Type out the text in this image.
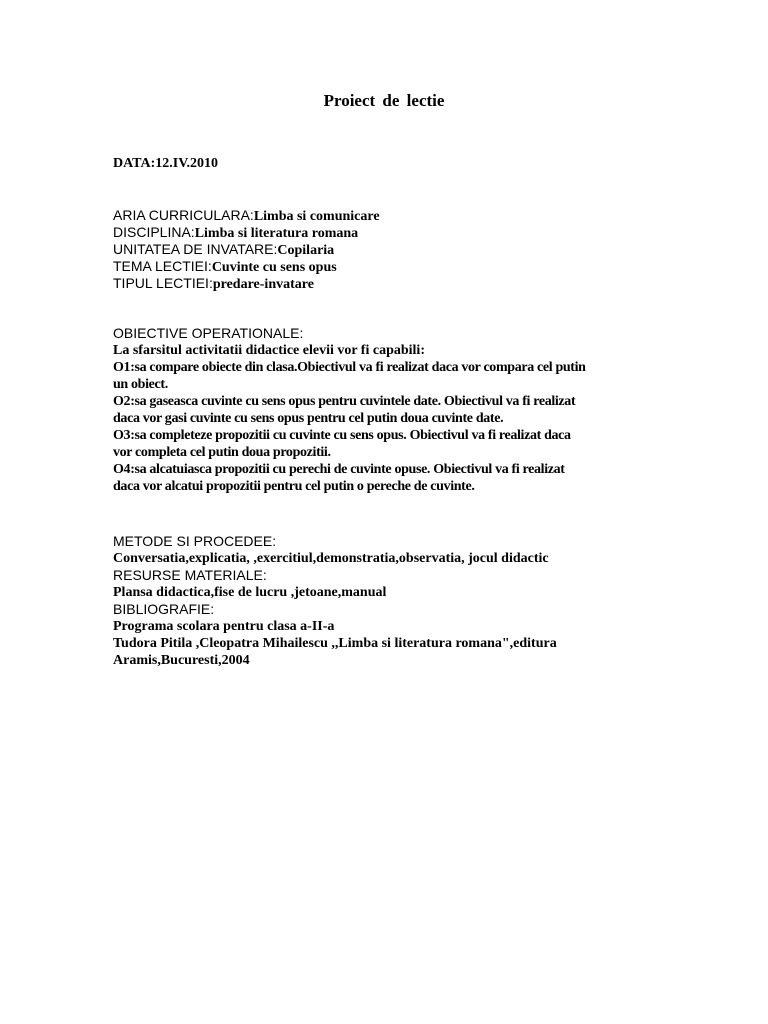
Proiect de lectie
DATA:12.IV.2010
ARIA CURRICULARA:Limba si comunicare
DISCIPLINA:Limba si literatura romana
UNITATEA DE INVATARE:Copilaria
TEMA LECTIEI:Cuvinte cu sens opus
TIPUL LECTIEI:predare-invatare
OBIECTIVE OPERATIONALE:
La sfarsitul activitatii didactice elevii vor fi capabili:
O1:sa compare obiecte din clasa.Obiectivul va fi realizat daca vor compara cel putin
un obiect.
O2:sa gaseasca cuvinte cu sens opus pentru cuvintele date. Obiectivul va fi realizat
daca vor gasi cuvinte cu sens opus pentru cel putin doua cuvinte date.
O3:sa completeze propozitii cu cuvinte cu sens opus. Obiectivul va fi realizat daca
vor completa cel putin doua propozitii.
O4:sa alcatuiasca propozitii cu perechi de cuvinte opuse. Obiectivul va fi realizat
daca vor alcatui propozitii pentru cel putin o pereche de cuvinte.
METODE SI PROCEDEE:
Conversatia,explicatia, ,exercitiul,demonstratia,observatia, jocul didactic
RESURSE MATERIALE:
Plansa didactica,fise de lucru ,jetoane,manual
BIBLIOGRAFIE:
Programa scolara pentru clasa a-II-a
Tudora Pitila ,Cleopatra Mihailescu ,,Limba si literatura romana",editura
Aramis,Bucuresti,2004
